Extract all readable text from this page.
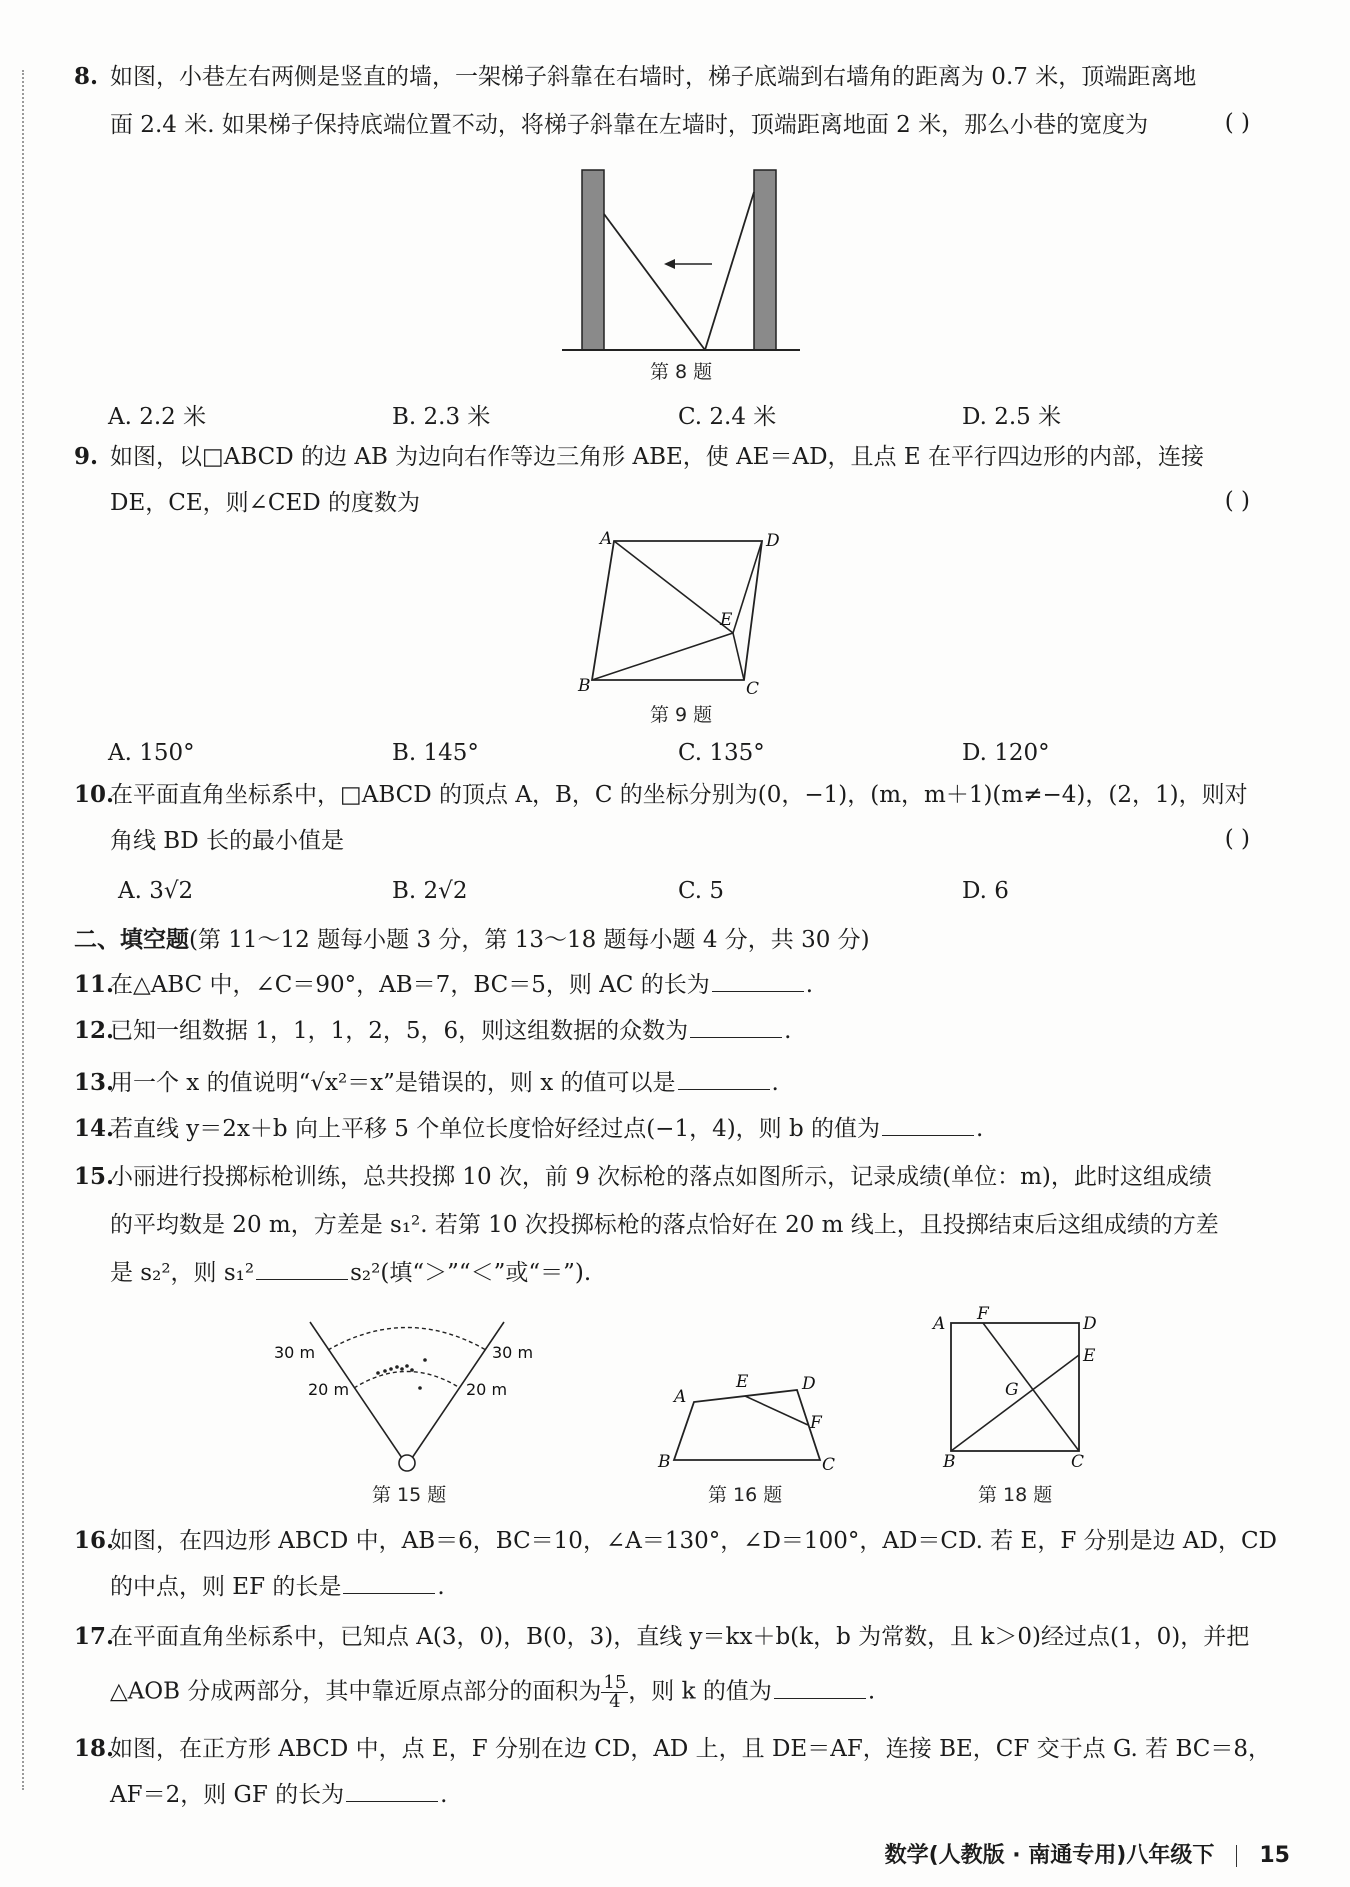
8. 如图，小巷左右两侧是竖直的墙，一架梯子斜靠在右墙时，梯子底端到右墙角的距离为 0.7 米，顶端距离地
面 2.4 米. 如果梯子保持底端位置不动，将梯子斜靠在左墙时，顶端距离地面 2 米，那么小巷的宽度为	( )
第 8 题
A. 2.2 米	B. 2.3 米	C. 2.4 米	D. 2.5 米
9. 如图，以□ABCD 的边 AB 为边向右作等边三角形 ABE，使 AE＝AD，且点 E 在平行四边形的内部，连接
DE，CE，则∠CED 的度数为	( )
A	D
B	C
E
第 9 题
A. 150°	B. 145°	C. 135°	D. 120°
10.在平面直角坐标系中，□ABCD 的顶点 A，B，C 的坐标分别为(0，−1)，(m，m＋1)(m≠−4)，(2，1)，则对
角线 BD 长的最小值是	( )
A. 3√2	B. 2√2	C. 5	D. 6
二、填空题(第 11～12 题每小题 3 分，第 13～18 题每小题 4 分，共 30 分)
11.在△ABC 中，∠C＝90°，AB＝7，BC＝5，则 AC 的长为	.
12.已知一组数据 1，1，1，2，5，6，则这组数据的众数为	.
13.用一个 x 的值说明“√x²＝x”是错误的，则 x 的值可以是	.
14.若直线 y＝2x＋b 向上平移 5 个单位长度恰好经过点(−1，4)，则 b 的值为	.
15.小丽进行投掷标枪训练，总共投掷 10 次，前 9 次标枪的落点如图所示，记录成绩(单位：m)，此时这组成绩
的平均数是 20 m，方差是 s₁². 若第 10 次投掷标枪的落点恰好在 20 m 线上，且投掷结束后这组成绩的方差
是 s₂²，则 s₁²	s₂²(填“＞”“＜”或“＝”).
30 m	30 m
20 m	20 m
第 15 题
A
E	D
F
B	C
第 16 题
A F	D
E
G
B	C
第 18 题
16.如图，在四边形 ABCD 中，AB＝6，BC＝10，∠A＝130°，∠D＝100°，AD＝CD. 若 E，F 分别是边 AD，CD
的中点，则 EF 的长是	.
17.在平面直角坐标系中，已知点 A(3，0)，B(0，3)，直线 y＝kx＋b(k，b 为常数，且 k＞0)经过点(1，0)，并把
△AOB 分成两部分，其中靠近原点部分的面积为 $\frac{15}{4}$ ，则 k 的值为	.
18.如图，在正方形 ABCD 中，点 E，F 分别在边 CD，AD 上，且 DE＝AF，连接 BE，CF 交于点 G. 若 BC＝8，
AF＝2，则 GF 的长为	.
数学(人教版 · 南通专用)八年级下 15
